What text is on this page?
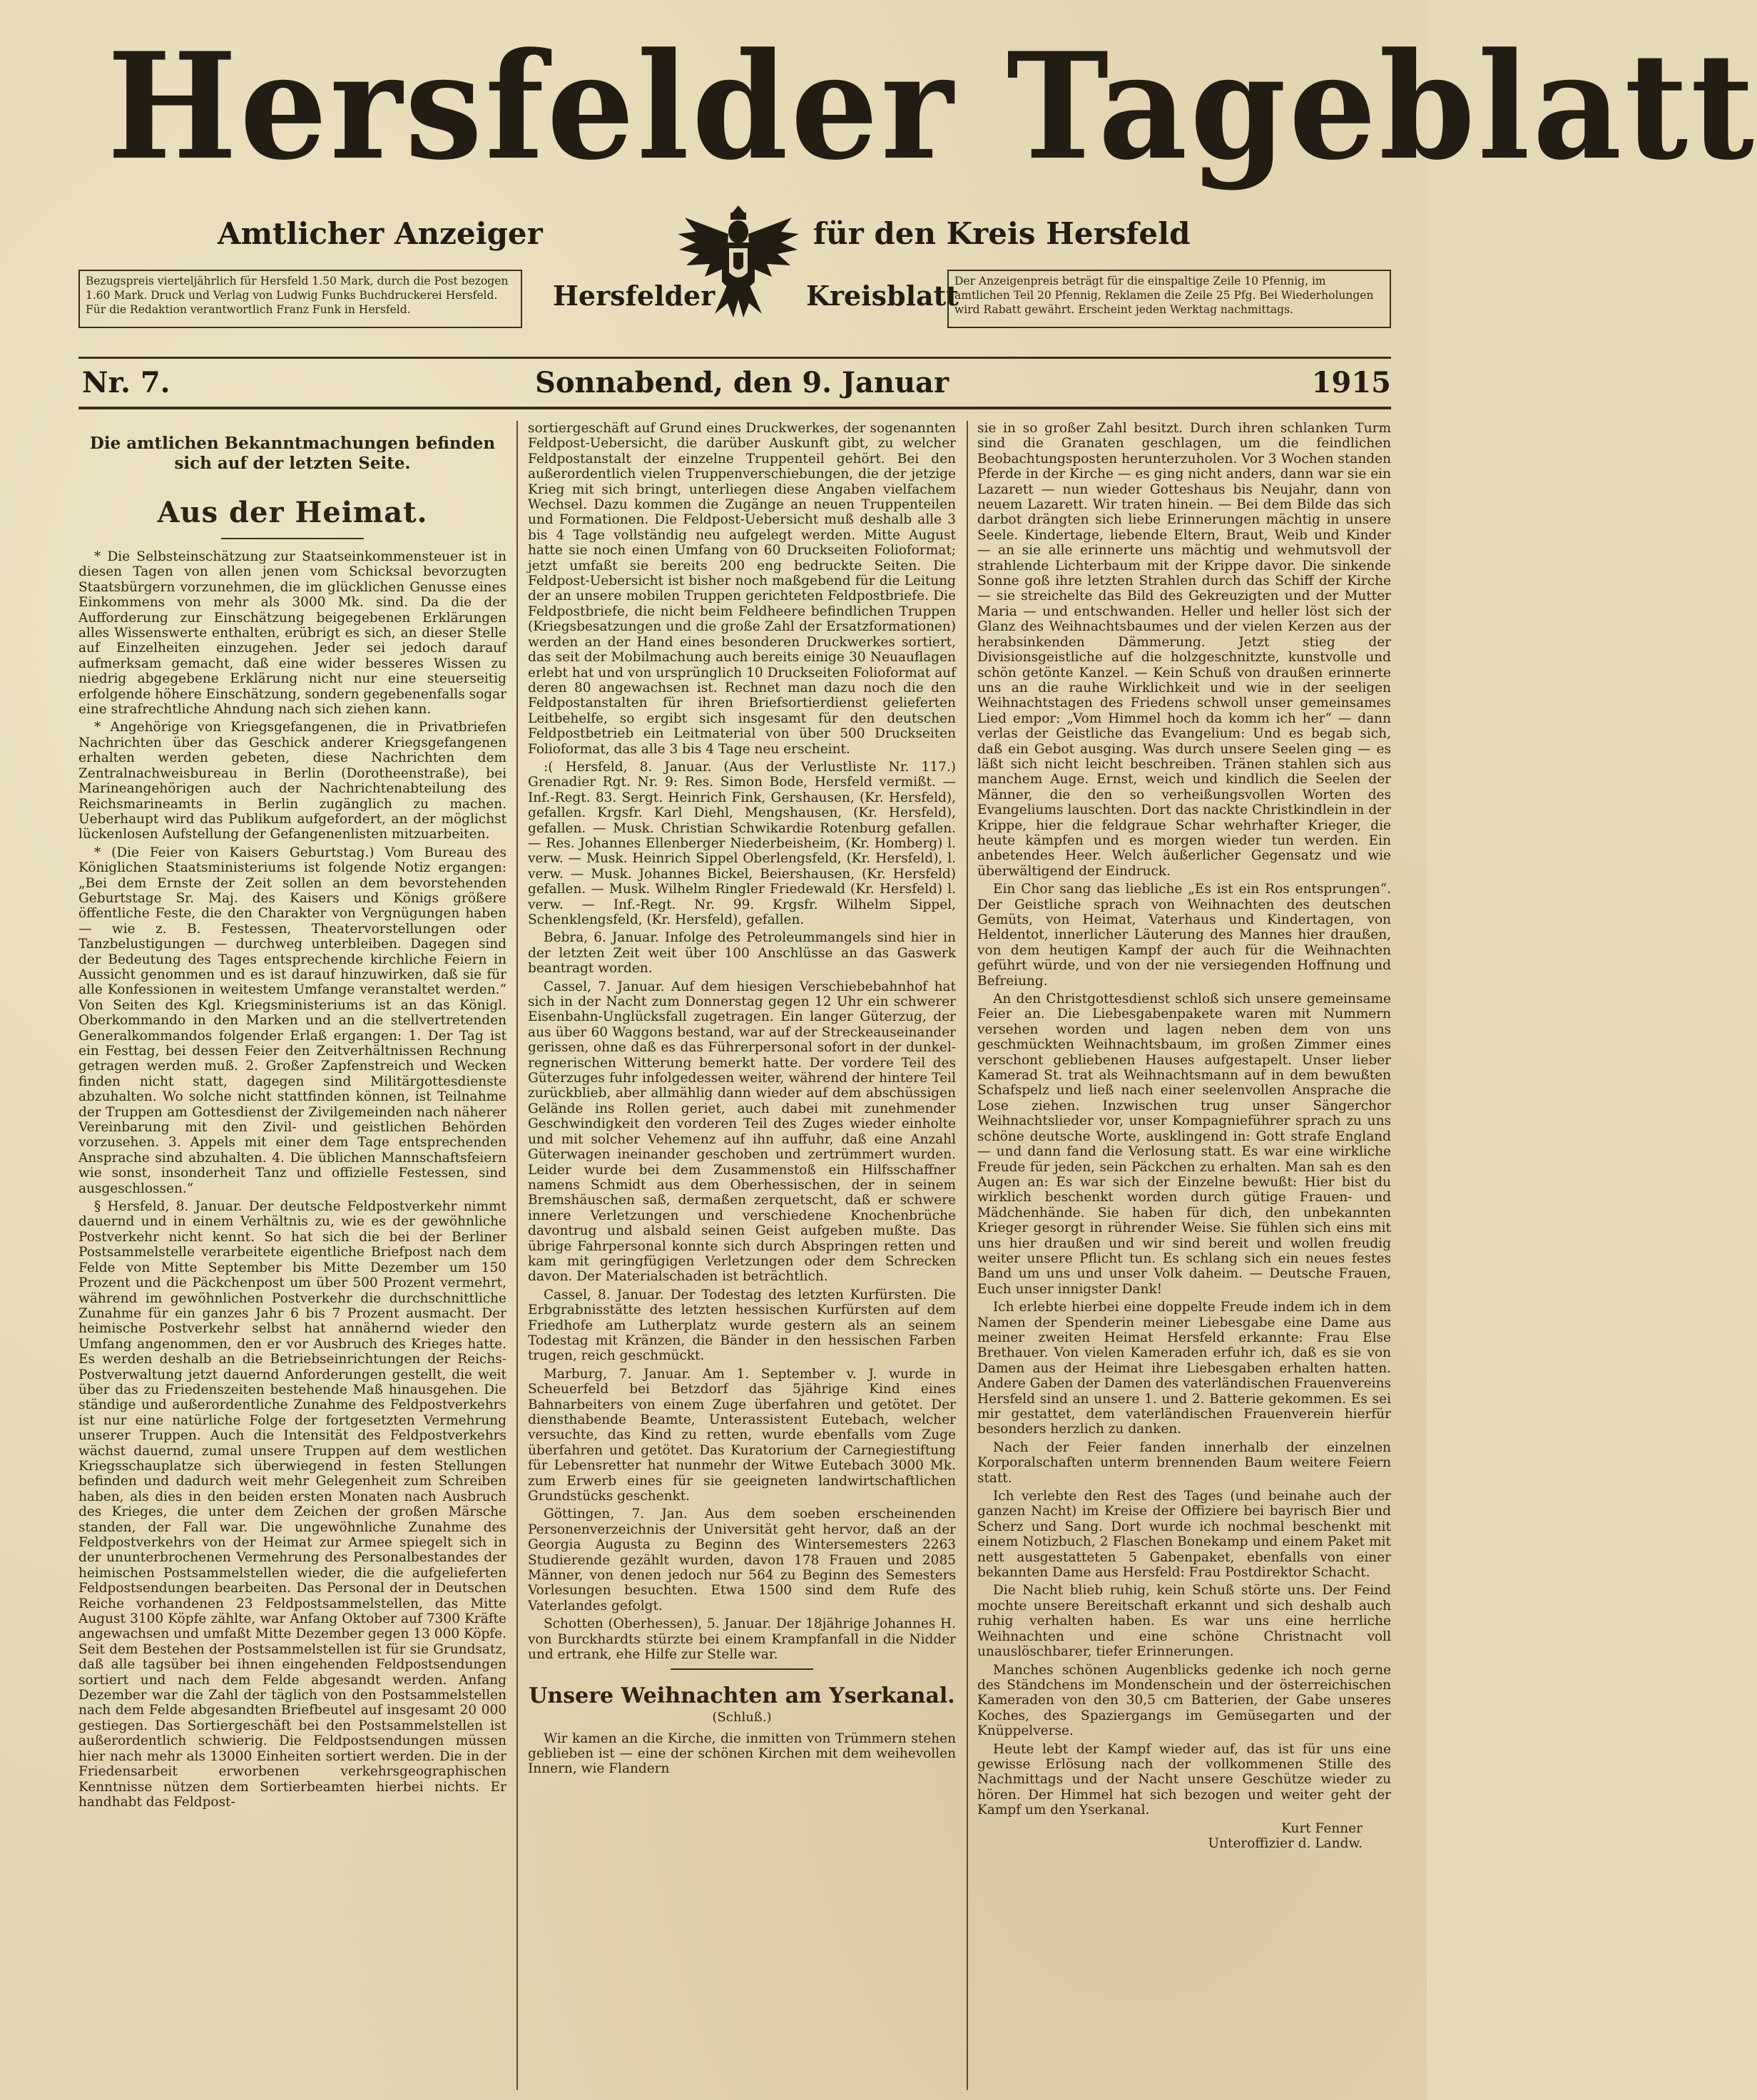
Hersfelder Tageblatt
Amtlicher Anzeiger	für den Kreis Hersfeld
Hersfelder	Kreisblatt
Bezugspreis vierteljährlich für Hersfeld 1.50 Mark, durch die Post bezogen 1.60 Mark. Druck und Verlag von Ludwig Funks Buchdruckerei Hersfeld. Für die Redaktion verantwortlich Franz Funk in Hersfeld.
Der Anzeigenpreis beträgt für die einspaltige Zeile 10 Pfennig, im amtlichen Teil 20 Pfennig, Reklamen die Zeile 25 Pfg. Bei Wiederholungen wird Rabatt gewährt. Erscheint jeden Werktag nachmittags.
Nr. 7.	Sonnabend, den 9. Januar	1915

Die amtlichen Bekanntmachungen befinden sich auf der letzten Seite.

Aus der Heimat.

* Die Selbsteinschätzung zur Staatseinkommensteuer ist in diesen Tagen von allen jenen vom Schicksal bevorzugten Staatsbürgern vorzunehmen, die im glücklichen Genusse eines Einkommens von mehr als 3000 Mk. sind. Da die der Aufforderung zur Einschätzung beigegebenen Erklärungen alles Wissenswerte enthalten, erübrigt es sich, an dieser Stelle auf Einzelheiten einzugehen. Jeder sei jedoch darauf aufmerksam gemacht, daß eine wider besseres Wissen zu niedrig abgegebene Erklärung nicht nur eine steuerseitig erfolgende höhere Einschätzung, sondern gegebenenfalls sogar eine strafrechtliche Ahndung nach sich ziehen kann.

* Angehörige von Kriegsgefangenen, die in Privatbriefen Nachrichten über das Geschick anderer Kriegsgefangenen erhalten werden gebeten, diese Nachrichten dem Zentralnachweisbureau in Berlin (Dorotheenstraße), bei Marineangehörigen auch der Nachrichtenabteilung des Reichsmarineamts in Berlin zugänglich zu machen. Ueberhaupt wird das Publikum aufgefordert, an der möglichst lückenlosen Aufstellung der Gefangenenlisten mitzuarbeiten.

* (Die Feier von Kaisers Geburtstag.) Vom Bureau des Königlichen Staatsministeriums ist folgende Notiz ergangen: „Bei dem Ernste der Zeit sollen an dem bevorstehenden Geburtstage Sr. Maj. des Kaisers und Königs größere öffentliche Feste, die den Charakter von Vergnügungen haben — wie z. B. Festessen, Theatervorstellungen oder Tanzbelustigungen — durchweg unterbleiben. Dagegen sind der Bedeutung des Tages entsprechende kirchliche Feiern in Aussicht genommen und es ist darauf hinzuwirken, daß sie für alle Konfessionen in weitestem Umfange veranstaltet werden.“ Von Seiten des Kgl. Kriegsministeriums ist an das Königl. Oberkommando in den Marken und an die stellvertretenden Generalkommandos folgender Erlaß ergangen: 1. Der Tag ist ein Festtag, bei dessen Feier den Zeitverhältnissen Rechnung getragen werden muß. 2. Großer Zapfenstreich und Wecken finden nicht statt, dagegen sind Militärgottesdienste abzuhalten. Wo solche nicht stattfinden können, ist Teilnahme der Truppen am Gottesdienst der Zivilgemeinden nach näherer Vereinbarung mit den Zivil- und geistlichen Behörden vorzusehen. 3. Appels mit einer dem Tage entsprechenden Ansprache sind abzuhalten. 4. Die üblichen Mannschaftsfeiern wie sonst, insonderheit Tanz und offizielle Festessen, sind ausgeschlossen.“

§ Hersfeld, 8. Januar. Der deutsche Feldpostverkehr nimmt dauernd und in einem Verhältnis zu, wie es der gewöhnliche Postverkehr nicht kennt. So hat sich die bei der Berliner Postsammelstelle verarbeitete eigentliche Briefpost nach dem Felde von Mitte September bis Mitte Dezember um 150 Prozent und die Päckchenpost um über 500 Prozent vermehrt, während im gewöhnlichen Postverkehr die durchschnittliche Zunahme für ein ganzes Jahr 6 bis 7 Prozent ausmacht. Der heimische Postverkehr selbst hat annähernd wieder den Umfang angenommen, den er vor Ausbruch des Krieges hatte. Es werden deshalb an die Betriebseinrichtungen der Reichs-Postverwaltung jetzt dauernd Anforderungen gestellt, die weit über das zu Friedenszeiten bestehende Maß hinausgehen. Die ständige und außerordentliche Zunahme des Feldpostverkehrs ist nur eine natürliche Folge der fortgesetzten Vermehrung unserer Truppen. Auch die Intensität des Feldpostverkehrs wächst dauernd, zumal unsere Truppen auf dem westlichen Kriegsschauplatze sich überwiegend in festen Stellungen befinden und dadurch weit mehr Gelegenheit zum Schreiben haben, als dies in den beiden ersten Monaten nach Ausbruch des Krieges, die unter dem Zeichen der großen Märsche standen, der Fall war. Die ungewöhnliche Zunahme des Feldpostverkehrs von der Heimat zur Armee spiegelt sich in der ununterbrochenen Vermehrung des Personalbestandes der heimischen Postsammelstellen wieder, die die aufgelieferten Feldpostsendungen bearbeiten. Das Personal der in Deutschen Reiche vorhandenen 23 Feldpostsammelstellen, das Mitte August 3100 Köpfe zählte, war Anfang Oktober auf 7300 Kräfte angewachsen und umfaßt Mitte Dezember gegen 13 000 Köpfe. Seit dem Bestehen der Postsammelstellen ist für sie Grundsatz, daß alle tagsüber bei ihnen eingehenden Feldpostsendungen sortiert und nach dem Felde abgesandt werden. Anfang Dezember war die Zahl der täglich von den Postsammelstellen nach dem Felde abgesandten Briefbeutel auf insgesamt 20 000 gestiegen. Das Sortiergeschäft bei den Postsammelstellen ist außerordentlich schwierig. Die Feldpostsendungen müssen hier nach mehr als 13000 Einheiten sortiert werden. Die in der Friedensarbeit erworbenen verkehrsgeographischen Kenntnisse nützen dem Sortierbeamten hierbei nichts. Er handhabt das Feldpost-

sortiergeschäft auf Grund eines Druckwerkes, der sogenannten Feldpost-Uebersicht, die darüber Auskunft gibt, zu welcher Feldpostanstalt der einzelne Truppenteil gehört. Bei den außerordentlich vielen Truppenverschiebungen, die der jetzige Krieg mit sich bringt, unterliegen diese Angaben vielfachem Wechsel. Dazu kommen die Zugänge an neuen Truppenteilen und Formationen. Die Feldpost-Uebersicht muß deshalb alle 3 bis 4 Tage vollständig neu aufgelegt werden. Mitte August hatte sie noch einen Umfang von 60 Druckseiten Folioformat; jetzt umfaßt sie bereits 200 eng bedruckte Seiten. Die Feldpost-Uebersicht ist bisher noch maßgebend für die Leitung der an unsere mobilen Truppen gerichteten Feldpostbriefe. Die Feldpostbriefe, die nicht beim Feldheere befindlichen Truppen (Kriegsbesatzungen und die große Zahl der Ersatzformationen) werden an der Hand eines besonderen Druckwerkes sortiert, das seit der Mobilmachung auch bereits einige 30 Neuauflagen erlebt hat und von ursprünglich 10 Druckseiten Folioformat auf deren 80 angewachsen ist. Rechnet man dazu noch die den Feldpostanstalten für ihren Briefsortierdienst gelieferten Leitbehelfe, so ergibt sich insgesamt für den deutschen Feldpostbetrieb ein Leitmaterial von über 500 Druckseiten Folioformat, das alle 3 bis 4 Tage neu erscheint.

:( Hersfeld, 8. Januar. (Aus der Verlustliste Nr. 117.) Grenadier Rgt. Nr. 9: Res. Simon Bode, Hersfeld vermißt. — Inf.-Regt. 83. Sergt. Heinrich Fink, Gershausen, (Kr. Hersfeld), gefallen. Krgsfr. Karl Diehl, Mengshausen, (Kr. Hersfeld), gefallen. — Musk. Christian Schwikardie Rotenburg gefallen. — Res. Johannes Ellenberger Niederbeisheim, (Kr. Homberg) l. verw. — Musk. Heinrich Sippel Oberlengsfeld, (Kr. Hersfeld), l. verw. — Musk. Johannes Bickel, Beiershausen, (Kr. Hersfeld) gefallen. — Musk. Wilhelm Ringler Friedewald (Kr. Hersfeld) l. verw. — Inf.-Regt. Nr. 99. Krgsfr. Wilhelm Sippel, Schenklengsfeld, (Kr. Hersfeld), gefallen.

Bebra, 6. Januar. Infolge des Petroleummangels sind hier in der letzten Zeit weit über 100 Anschlüsse an das Gaswerk beantragt worden.

Cassel, 7. Januar. Auf dem hiesigen Verschiebebahnhof hat sich in der Nacht zum Donnerstag gegen 12 Uhr ein schwerer Eisenbahn-Unglücksfall zugetragen. Ein langer Güterzug, der aus über 60 Waggons bestand, war auf der Streckeauseinander gerissen, ohne daß es das Führerpersonal sofort in der dunkel-regnerischen Witterung bemerkt hatte. Der vordere Teil des Güterzuges fuhr infolgedessen weiter, während der hintere Teil zurückblieb, aber allmählig dann wieder auf dem abschüssigen Gelände ins Rollen geriet, auch dabei mit zunehmender Geschwindigkeit den vorderen Teil des Zuges wieder einholte und mit solcher Vehemenz auf ihn auffuhr, daß eine Anzahl Güterwagen ineinander geschoben und zertrümmert wurden. Leider wurde bei dem Zusammenstoß ein Hilfsschaffner namens Schmidt aus dem Oberhessischen, der in seinem Bremshäuschen saß, dermaßen zerquetscht, daß er schwere innere Verletzungen und verschiedene Knochenbrüche davontrug und alsbald seinen Geist aufgeben mußte. Das übrige Fahrpersonal konnte sich durch Abspringen retten und kam mit geringfügigen Verletzungen oder dem Schrecken davon. Der Materialschaden ist beträchtlich.

Cassel, 8. Januar. Der Todestag des letzten Kurfürsten. Die Erbgrabnisstätte des letzten hessischen Kurfürsten auf dem Friedhofe am Lutherplatz wurde gestern als an seinem Todestag mit Kränzen, die Bänder in den hessischen Farben trugen, reich geschmückt.

Marburg, 7. Januar. Am 1. September v. J. wurde in Scheuerfeld bei Betzdorf das 5jährige Kind eines Bahnarbeiters von einem Zuge überfahren und getötet. Der diensthabende Beamte, Unterassistent Eutebach, welcher versuchte, das Kind zu retten, wurde ebenfalls vom Zuge überfahren und getötet. Das Kuratorium der Carnegiestiftung für Lebensretter hat nunmehr der Witwe Eutebach 3000 Mk. zum Erwerb eines für sie geeigneten landwirtschaftlichen Grundstücks geschenkt.

Göttingen, 7. Jan. Aus dem soeben erscheinenden Personenverzeichnis der Universität geht hervor, daß an der Georgia Augusta zu Beginn des Wintersemesters 2263 Studierende gezählt wurden, davon 178 Frauen und 2085 Männer, von denen jedoch nur 564 zu Beginn des Semesters Vorlesungen besuchten. Etwa 1500 sind dem Rufe des Vaterlandes gefolgt.

Schotten (Oberhessen), 5. Januar. Der 18jährige Johannes H. von Burckhardts stürzte bei einem Krampfanfall in die Nidder und ertrank, ehe Hilfe zur Stelle war.

Unsere Weihnachten am Yserkanal.
(Schluß.)

Wir kamen an die Kirche, die inmitten von Trümmern stehen geblieben ist — eine der schönen Kirchen mit dem weihevollen Innern, wie Flandern

sie in so großer Zahl besitzt. Durch ihren schlanken Turm sind die Granaten geschlagen, um die feindlichen Beobachtungsposten herunterzuholen. Vor 3 Wochen standen Pferde in der Kirche — es ging nicht anders, dann war sie ein Lazarett — nun wieder Gotteshaus bis Neujahr, dann von neuem Lazarett. Wir traten hinein. — Bei dem Bilde das sich darbot drängten sich liebe Erinnerungen mächtig in unsere Seele. Kindertage, liebende Eltern, Braut, Weib und Kinder — an sie alle erinnerte uns mächtig und wehmutsvoll der strahlende Lichterbaum mit der Krippe davor. Die sinkende Sonne goß ihre letzten Strahlen durch das Schiff der Kirche — sie streichelte das Bild des Gekreuzigten und der Mutter Maria — und entschwanden. Heller und heller löst sich der Glanz des Weihnachtsbaumes und der vielen Kerzen aus der herabsinkenden Dämmerung. Jetzt stieg der Divisionsgeistliche auf die holzgeschnitzte, kunstvolle und schön getönte Kanzel. — Kein Schuß von draußen erinnerte uns an die rauhe Wirklichkeit und wie in der seeligen Weihnachtstagen des Friedens schwoll unser gemeinsames Lied empor: „Vom Himmel hoch da komm ich her“ — dann verlas der Geistliche das Evangelium: Und es begab sich, daß ein Gebot ausging. Was durch unsere Seelen ging — es läßt sich nicht leicht beschreiben. Tränen stahlen sich aus manchem Auge. Ernst, weich und kindlich die Seelen der Männer, die den so verheißungsvollen Worten des Evangeliums lauschten. Dort das nackte Christkindlein in der Krippe, hier die feldgraue Schar wehrhafter Krieger, die heute kämpfen und es morgen wieder tun werden. Ein anbetendes Heer. Welch äußerlicher Gegensatz und wie überwältigend der Eindruck.

Ein Chor sang das liebliche „Es ist ein Ros entsprungen“. Der Geistliche sprach von Weihnachten des deutschen Gemüts, von Heimat, Vaterhaus und Kindertagen, von Heldentot, innerlicher Läuterung des Mannes hier draußen, von dem heutigen Kampf der auch für die Weihnachten geführt würde, und von der nie versiegenden Hoffnung und Befreiung.

An den Christgottesdienst schloß sich unsere gemeinsame Feier an. Die Liebesgabenpakete waren mit Nummern versehen worden und lagen neben dem von uns geschmückten Weihnachtsbaum, im großen Zimmer eines verschont gebliebenen Hauses aufgestapelt. Unser lieber Kamerad St. trat als Weihnachtsmann auf in dem bewußten Schafspelz und ließ nach einer seelenvollen Ansprache die Lose ziehen. Inzwischen trug unser Sängerchor Weihnachtslieder vor, unser Kompagnieführer sprach zu uns schöne deutsche Worte, ausklingend in: Gott strafe England — und dann fand die Verlosung statt. Es war eine wirkliche Freude für jeden, sein Päckchen zu erhalten. Man sah es den Augen an: Es war sich der Einzelne bewußt: Hier bist du wirklich beschenkt worden durch gütige Frauen- und Mädchenhände. Sie haben für dich, den unbekannten Krieger gesorgt in rührender Weise. Sie fühlen sich eins mit uns hier draußen und wir sind bereit und wollen freudig weiter unsere Pflicht tun. Es schlang sich ein neues festes Band um uns und unser Volk daheim. — Deutsche Frauen, Euch unser innigster Dank!

Ich erlebte hierbei eine doppelte Freude indem ich in dem Namen der Spenderin meiner Liebesgabe eine Dame aus meiner zweiten Heimat Hersfeld erkannte: Frau Else Brethauer. Von vielen Kameraden erfuhr ich, daß es sie von Damen aus der Heimat ihre Liebesgaben erhalten hatten. Andere Gaben der Damen des vaterländischen Frauenvereins Hersfeld sind an unsere 1. und 2. Batterie gekommen. Es sei mir gestattet, dem vaterländischen Frauenverein hierfür besonders herzlich zu danken.

Nach der Feier fanden innerhalb der einzelnen Korporalschaften unterm brennenden Baum weitere Feiern statt.

Ich verlebte den Rest des Tages (und beinahe auch der ganzen Nacht) im Kreise der Offiziere bei bayrisch Bier und Scherz und Sang. Dort wurde ich nochmal beschenkt mit einem Notizbuch, 2 Flaschen Bonekamp und einem Paket mit nett ausgestatteten 5 Gabenpaket, ebenfalls von einer bekannten Dame aus Hersfeld: Frau Postdirektor Schacht.

Die Nacht blieb ruhig, kein Schuß störte uns. Der Feind mochte unsere Bereitschaft erkannt und sich deshalb auch ruhig verhalten haben. Es war uns eine herrliche Weihnachten und eine schöne Christnacht voll unauslöschbarer, tiefer Erinnerungen.

Manches schönen Augenblicks gedenke ich noch gerne des Ständchens im Mondenschein und der österreichischen Kameraden von den 30,5 cm Batterien, der Gabe unseres Koches, des Spaziergangs im Gemüsegarten und der Knüppelverse.

Heute lebt der Kampf wieder auf, das ist für uns eine gewisse Erlösung nach der vollkommenen Stille des Nachmittags und der Nacht unsere Geschütze wieder zu hören. Der Himmel hat sich bezogen und weiter geht der Kampf um den Yserkanal.

Kurt Fenner
Unteroffizier d. Landw.
